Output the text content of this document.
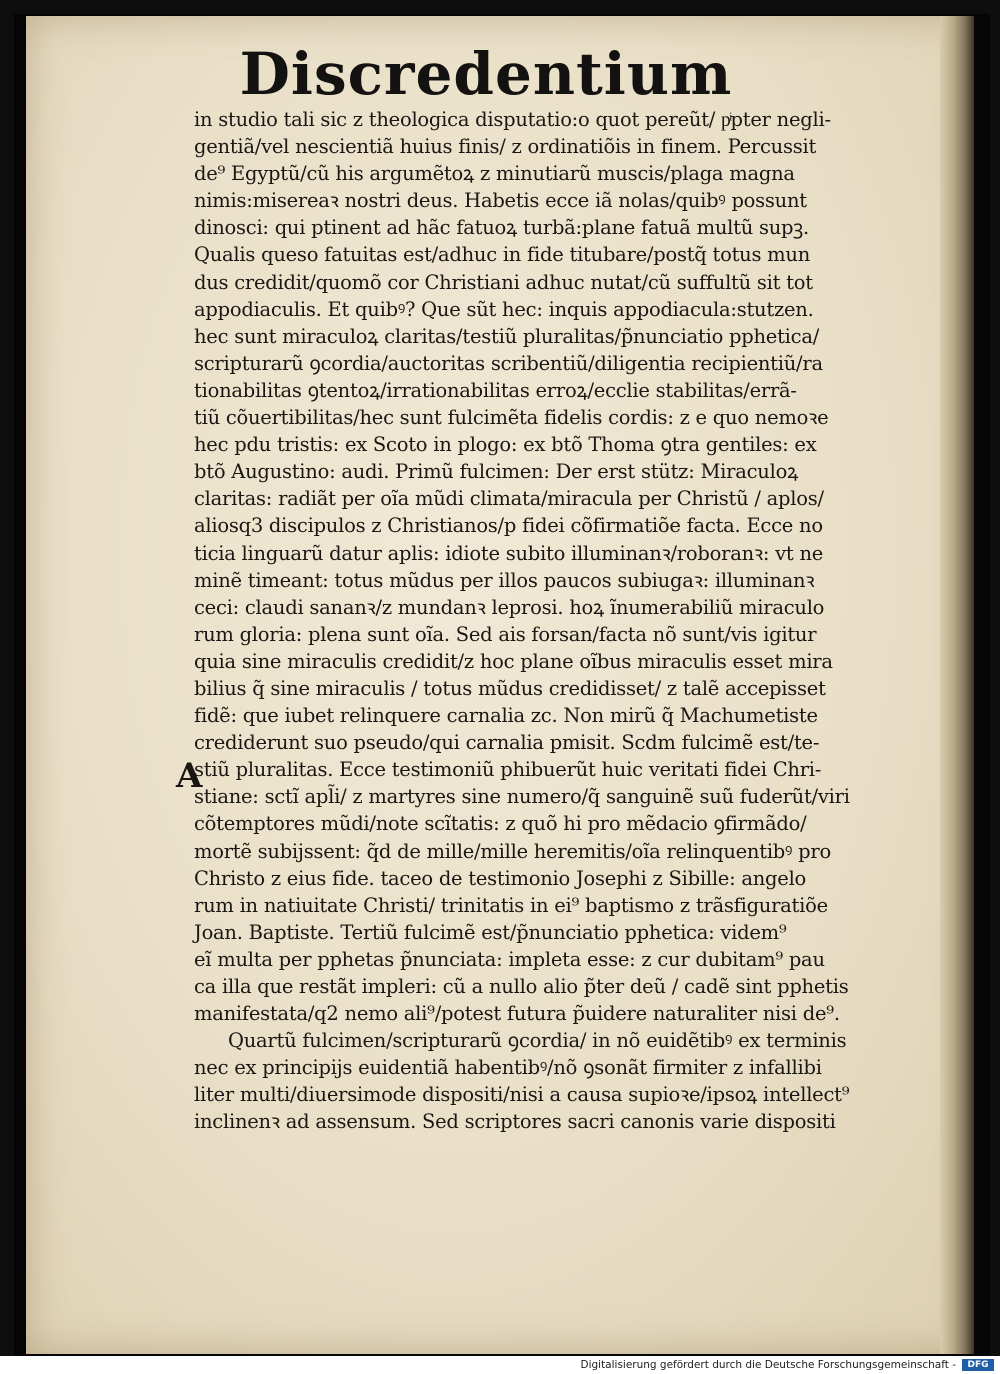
Discredentium
A
in studio tali sic z theologica disputatio:o quot pereũt/ pͥpter negli-
gentiã/vel nescientiã huius finis/ z ordinatiõis in finem. Percussit
de⁹ Egyptũ/cũ his argumẽtoꝝ z minutiarũ muscis/plaga magna
nimis:misereaꝛ nostri deus. Habetis ecce iã nolas/quibꝰ possunt
dinosci: qui ptinent ad hãc fatuoꝝ turbã:plane fatuã multũ supꝫ.
Qualis queso fatuitas est/adhuc in fide titubare/postq̃ totus mun
dus credidit/quomõ cor Christiani adhuc nutat/cũ suffultũ sit tot
appodiaculis. Et quibꝰ? Que sũt hec: inquis appodiacula:stutzen.
hec sunt miraculoꝝ claritas/testiũ pluralitas/p̃nunciatio pphetica/
scripturarũ ꝯcordia/auctoritas scribentiũ/diligentia recipientiũ/ra
tionabilitas ꝯtentoꝝ/irrationabilitas erroꝝ/ecclie stabilitas/errã-
tiũ cõuertibilitas/hec sunt fulcimẽta fidelis cordis: z e quo nemoꝛe
hec pdu tristis: ex Scoto in plogo: ex btõ Thoma ꝯtra gentiles: ex
btõ Augustino: audi. Primũ fulcimen: Der erst stütz: Miraculoꝝ
claritas: radiãt per oĩa mũdi climata/miracula per Christũ / aplos/
aliosq3 discipulos z Christianos/p fidei cõfirmatiõe facta. Ecce no
ticia linguarũ datur aplis: idiote subito illuminanꝛ/roboranꝛ: vt ne
minẽ timeant: totus mũdus per illos paucos subiugaꝛ: illuminanꝛ
ceci: claudi sananꝛ/z mundanꝛ leprosi. hoꝝ ĩnumerabiliũ miraculo
rum gloria: plena sunt oĩa. Sed ais forsan/facta nõ sunt/vis igitur
quia sine miraculis credidit/z hoc plane oĩbus miraculis esset mira
bilius q̃ sine miraculis / totus mũdus credidisset/ z talẽ accepisset
fidẽ: que iubet relinquere carnalia zc. Non mirũ q̃ Machumetiste
crediderunt suo pseudo/qui carnalia pmisit. Scdm fulcimẽ est/te-
stiũ pluralitas. Ecce testimoniũ phibuerũt huic veritati fidei Chri-
stiane: sctĩ apl̃i/ z martyres sine numero/q̃ sanguinẽ suũ fuderũt/viri
cõtemptores mũdi/note scĩtatis: z quõ hi pro mẽdacio ꝯfirmãdo/
mortẽ subijssent: q̃d de mille/mille heremitis/oĩa relinquentibꝰ pro
Christo z eius fide. taceo de testimonio Josephi z Sibille: angelo
rum in natiuitate Christi/ trinitatis in ei⁹ baptismo z trãsfiguratiõe
Joan. Baptiste. Tertiũ fulcimẽ est/p̃nunciatio pphetica: videm⁹
eĩ multa per pphetas p̃nunciata: impleta esse: z cur dubitam⁹ pau
ca illa que restãt impleri: cũ a nullo alio p̃ter deũ / cadẽ sint pphetis
manifestata/q2 nemo ali⁹/potest futura p̃uidere naturaliter nisi de⁹.
Quartũ fulcimen/scripturarũ ꝯcordia/ in nõ euidẽtibꝰ ex terminis
nec ex principijs euidentiã habentibꝰ/nõ ꝯsonãt firmiter z infallibi
liter multi/diuersimode dispositi/nisi a causa supioꝛe/ipsoꝝ intellect⁹
inclinenꝛ ad assensum. Sed scriptores sacri canonis varie dispositi
Digitalisierung gefördert durch die Deutsche Forschungsgemeinschaft -	DFG
